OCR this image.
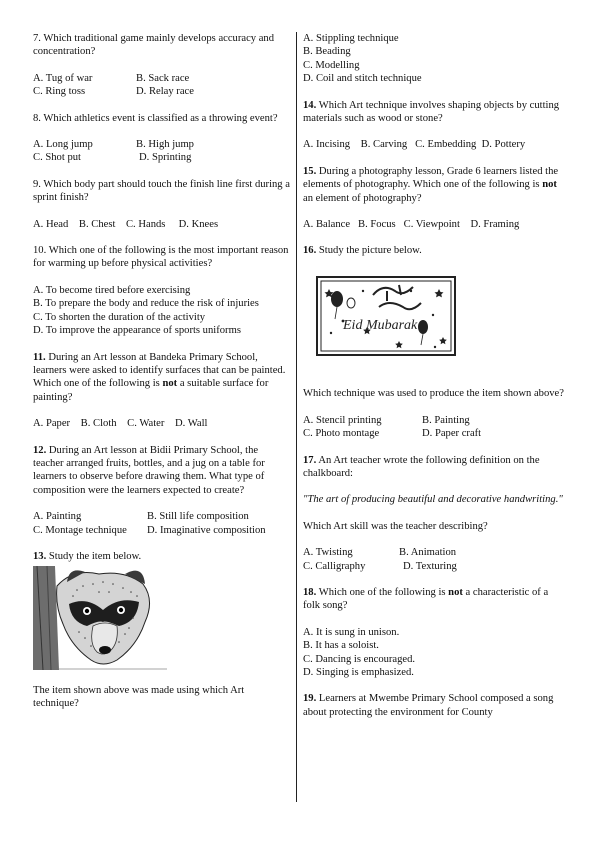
7. Which traditional game mainly develops accuracy and concentration?

A. Tug of war	B. Sack race
C. Ring toss	D. Relay race

8. Which athletics event is classified as a throwing event?

A. Long jump	B. High jump
C. Shot put	D. Sprinting

9. Which body part should touch the finish line first during a sprint finish?

A. Head    B. Chest    C. Hands     D. Knees

10. Which one of the following is the most important reason for warming up before physical activities?

A. To become tired before exercising

B. To prepare the body and reduce the risk of injuries

C. To shorten the duration of the activity

D. To improve the appearance of sports uniforms

11. During an Art lesson at Bandeka Primary School, learners were asked to identify surfaces that can be painted. Which one of the following is not a suitable surface for painting?

A. Paper    B. Cloth    C. Water    D. Wall

12. During an Art lesson at Bidii Primary School, the teacher arranged fruits, bottles, and a jug on a table for learners to observe before drawing them. What type of composition were the learners expected to create?

A. Painting	B. Still life composition
C. Montage technique	D. Imaginative composition

13. Study the item below.

The item shown above was made using which Art technique?

A. Stippling technique

B. Beading

C. Modelling

D. Coil and stitch technique

14. Which Art technique involves shaping objects by cutting materials such as wood or stone?

A. Incising    B. Carving   C. Embedding  D. Pottery

15. During a photography lesson, Grade 6 learners listed the elements of photography. Which one of the following is not an element of photography?

A. Balance   B. Focus   C. Viewpoint    D. Framing

16. Study the picture below.

Eid Mubarak

Which technique was used to produce the item shown above?

A. Stencil printing	B. Painting
C. Photo montage	D. Paper craft

17. An Art teacher wrote the following definition on the chalkboard:

"The art of producing beautiful and decorative handwriting."

Which Art skill was the teacher describing?

A. Twisting	B. Animation
C. Calligraphy	D. Texturing

18. Which one of the following is not a characteristic of a folk song?

A. It is sung in unison.

B. It has a soloist.

C. Dancing is encouraged.

D. Singing is emphasized.

19. Learners at Mwembe Primary School composed a song about protecting the environment for County
